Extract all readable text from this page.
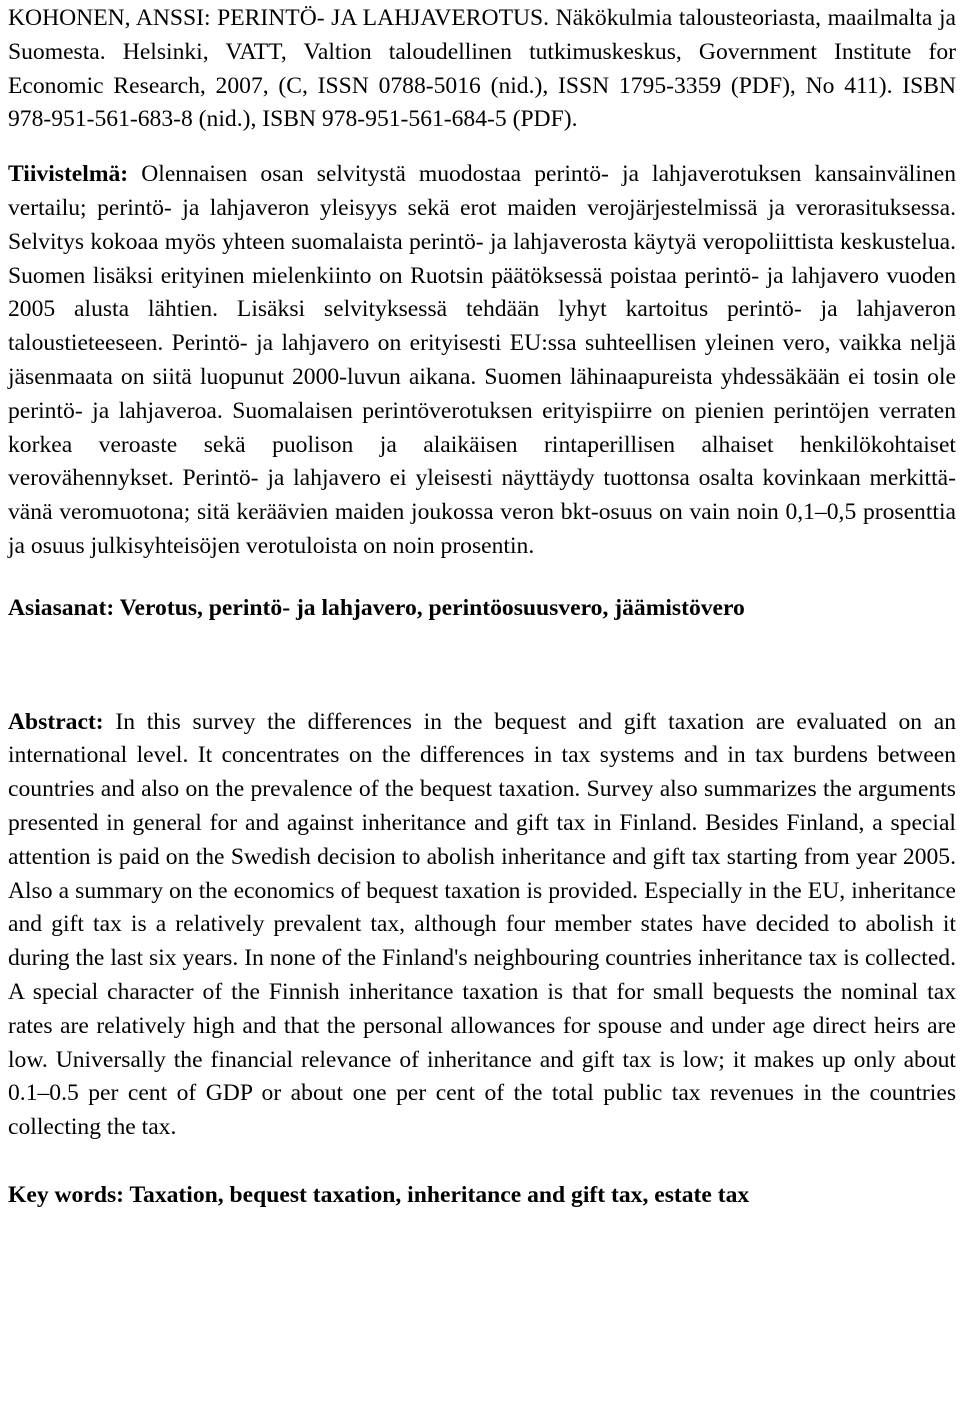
KOHONEN, ANSSI: PERINTÖ- JA LAHJAVEROTUS. Näkökulmia talousteoriasta, maailmalta ja Suomesta. Helsinki, VATT, Valtion taloudellinen tutkimuskeskus, Government Institute for Economic Research, 2007, (C, ISSN 0788-5016 (nid.), ISSN 1795-3359 (PDF), No 411). ISBN 978-951-561-683-8 (nid.), ISBN 978-951-561-684-5 (PDF).

Tiivistelmä: Olennaisen osan selvitystä muodostaa perintö- ja lahjaverotuksen kansainvälinen vertailu; perintö- ja lahjaveron yleisyys sekä erot maiden verojärjestelmissä ja verorasituksessa. Selvitys kokoaa myös yhteen suomalaista perintö- ja lahjaverosta käytyä veropoliittista keskustelua. Suomen lisäksi erityinen mielenkiinto on Ruotsin päätöksessä poistaa perintö- ja lahjavero vuoden 2005 alusta lähtien. Lisäksi selvityksessä tehdään lyhyt kartoitus perintö- ja lahjaveron taloustieteeseen. Perintö- ja lahjavero on erityisesti EU:ssa suhteellisen yleinen vero, vaikka neljä jäsenmaata on siitä luopunut 2000-luvun aikana. Suomen lähinaapureista yhdessäkään ei tosin ole perintö- ja lahjaveroa. Suomalaisen perintöverotuksen erityispiirre on pienien perintöjen verraten korkea veroaste sekä puolison ja alaikäisen rintaperillisen alhaiset henkilökohtaiset verovähennykset. Perintö- ja lahjavero ei yleisesti näyttäydy tuottonsa osalta kovinkaan merkittävänä veromuotona; sitä keräävien maiden joukossa veron bkt-osuus on vain noin 0,1–0,5 prosenttia ja osuus julkisyhteisöjen verotuloista on noin prosentin.

Asiasanat: Verotus, perintö- ja lahjavero, perintöosuusvero, jäämistövero

Abstract: In this survey the differences in the bequest and gift taxation are evaluated on an international level. It concentrates on the differences in tax systems and in tax burdens between countries and also on the prevalence of the bequest taxation. Survey also summarizes the arguments presented in general for and against inheritance and gift tax in Finland. Besides Finland, a special attention is paid on the Swedish decision to abolish inheritance and gift tax starting from year 2005. Also a summary on the economics of bequest taxation is provided. Especially in the EU, inheritance and gift tax is a relatively prevalent tax, although four member states have decided to abolish it during the last six years. In none of the Finland's neighbouring countries inheritance tax is collected. A special character of the Finnish inheritance taxation is that for small bequests the nominal tax rates are relatively high and that the personal allowances for spouse and under age direct heirs are low. Universally the financial relevance of inheritance and gift tax is low; it makes up only about 0.1–0.5 per cent of GDP or about one per cent of the total public tax revenues in the countries collecting the tax.

Key words: Taxation, bequest taxation, inheritance and gift tax, estate tax
